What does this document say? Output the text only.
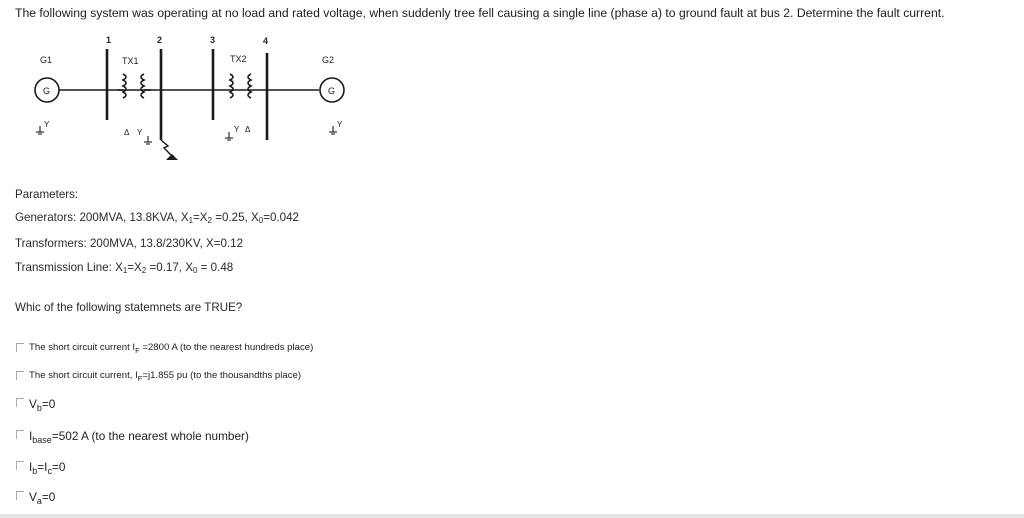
The following system was operating at no load and rated voltage, when suddenly tree fell causing a single line (phase a) to ground fault at bus 2. Determine the fault current.
1	2	3	4
G1	TX1	TX2	G2
G	G
Y
Δ Y	Y Δ
Y
Parameters:
Generators: 200MVA, 13.8KVA, $X_1=X_2 =0.25$, $X_0=0.042$
Transformers: 200MVA, 13.8/230KV, X=0.12
Transmission Line: $X_1=X_2 =0.17$, $X_0 = 0.48$
Whic of the following statemnets are TRUE?
The short circuit current $I_F =2800$ A (to the nearest hundreds place)
The short circuit current, $I_F=j1.855$ pu (to the thousandths place)
$V_b=0$
$I_{base}=502$ A (to the nearest whole number)
$I_b=I_c=0$
$V_a=0$
